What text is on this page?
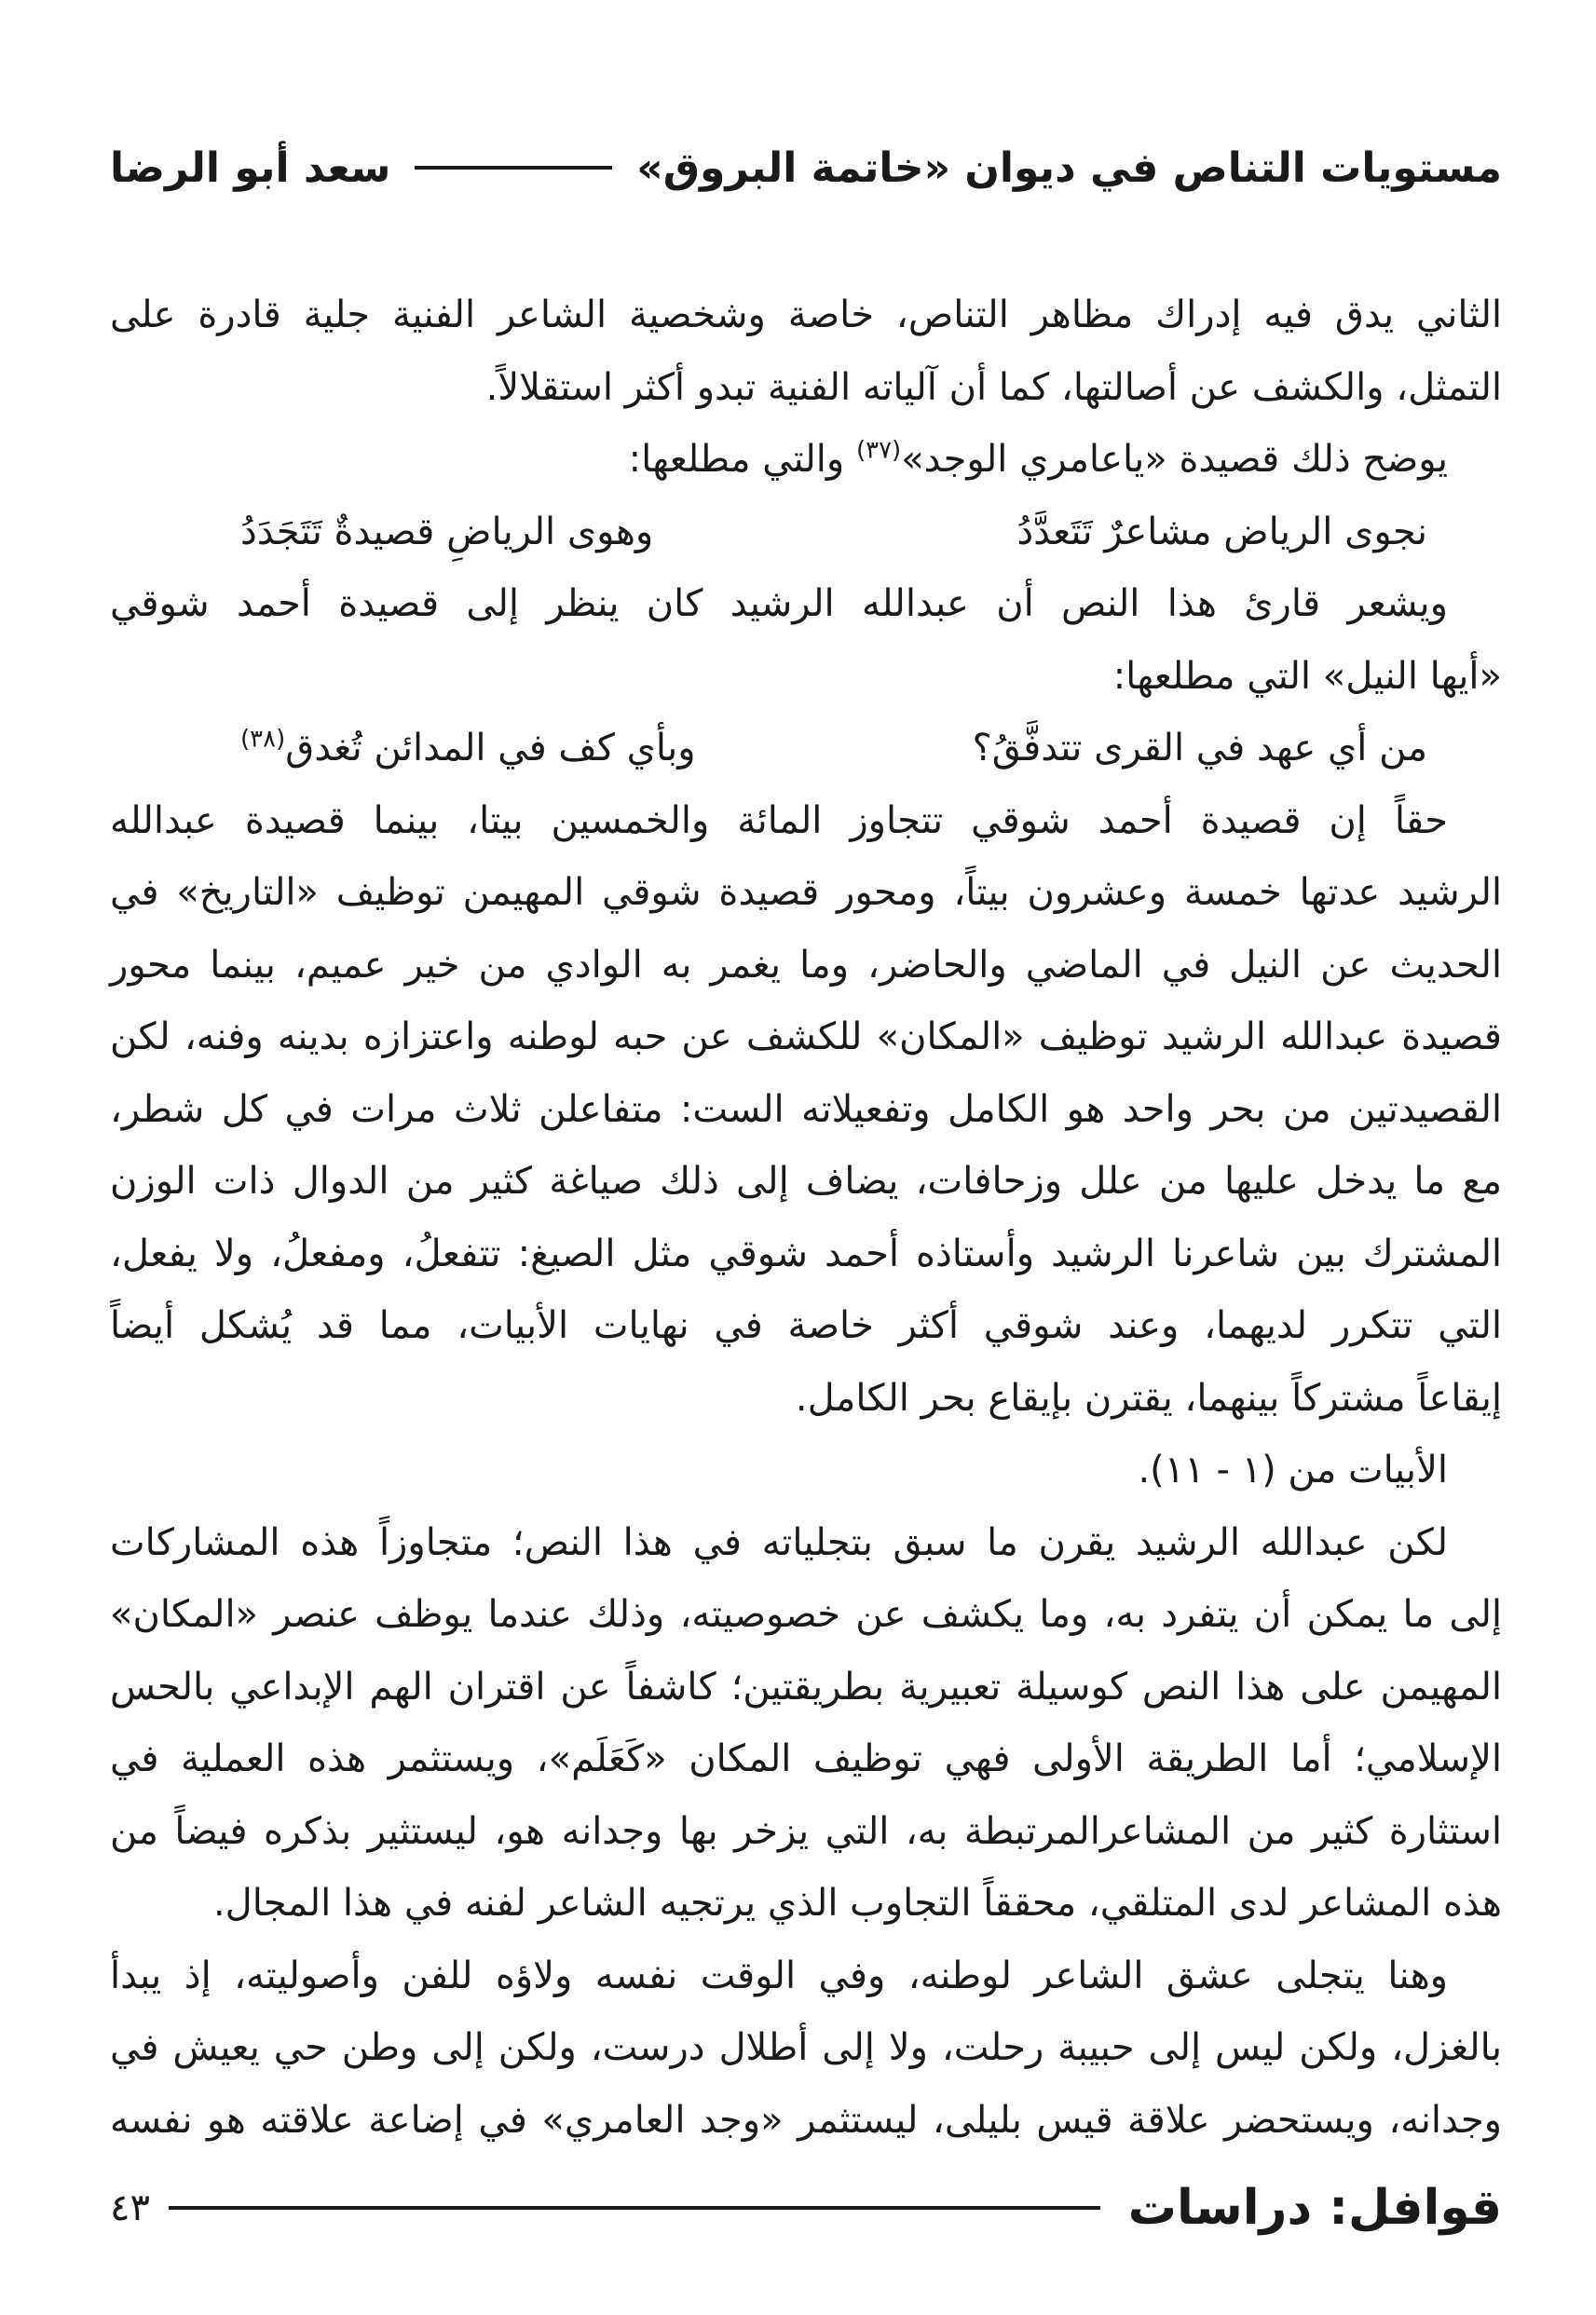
مستويات التناص في ديوان «خاتمة البروق»
سعد أبو الرضا
الثاني يدق فيه إدراك مظاهر التناص، خاصة وشخصية الشاعر الفنية جلية قادرة على
التمثل، والكشف عن أصالتها، كما أن آلياته الفنية تبدو أكثر استقلالاً.
يوضح ذلك قصيدة «ياعامري الوجد»$^{(٣٧)}$ والتي مطلعها:
نجوى الرياض مشاعرٌ تَتَعدَّدُ
وهوى الرياضِ قصيدةٌ تَتَجَدَدُ
ويشعر قارئ هذا النص أن عبدالله الرشيد كان ينظر إلى قصيدة أحمد شوقي
«أيها النيل» التي مطلعها:
من أي عهد في القرى تتدفَّقُ؟
وبأي كف في المدائن تُغدق$^{(٣٨)}$
حقاً إن قصيدة أحمد شوقي تتجاوز المائة والخمسين بيتا، بينما قصيدة عبدالله
الرشيد عدتها خمسة وعشرون بيتاً، ومحور قصيدة شوقي المهيمن توظيف «التاريخ» في
الحديث عن النيل في الماضي والحاضر، وما يغمر به الوادي من خير عميم، بينما محور
قصيدة عبدالله الرشيد توظيف «المكان» للكشف عن حبه لوطنه واعتزازه بدينه وفنه، لكن
القصيدتين من بحر واحد هو الكامل وتفعيلاته الست: متفاعلن ثلاث مرات في كل شطر،
مع ما يدخل عليها من علل وزحافات، يضاف إلى ذلك صياغة كثير من الدوال ذات الوزن
المشترك بين شاعرنا الرشيد وأستاذه أحمد شوقي مثل الصيغ: تتفعلُ، ومفعلُ، ولا يفعل،
التي تتكرر لديهما، وعند شوقي أكثر خاصة في نهايات الأبيات، مما قد يُشكل أيضاً
إيقاعاً مشتركاً بينهما، يقترن بإيقاع بحر الكامل.
الأبيات من (١ - ١١).
لكن عبدالله الرشيد يقرن ما سبق بتجلياته في هذا النص؛ متجاوزاً هذه المشاركات
إلى ما يمكن أن يتفرد به، وما يكشف عن خصوصيته، وذلك عندما يوظف عنصر «المكان»
المهيمن على هذا النص كوسيلة تعبيرية بطريقتين؛ كاشفاً عن اقتران الهم الإبداعي بالحس
الإسلامي؛ أما الطريقة الأولى فهي توظيف المكان «كَعَلَم»، ويستثمر هذه العملية في
استثارة كثير من المشاعرالمرتبطة به، التي يزخر بها وجدانه هو، ليستثير بذكره فيضاً من
هذه المشاعر لدى المتلقي، محققاً التجاوب الذي يرتجيه الشاعر لفنه في هذا المجال.
وهنا يتجلى عشق الشاعر لوطنه، وفي الوقت نفسه ولاؤه للفن وأصوليته، إذ يبدأ
بالغزل، ولكن ليس إلى حبيبة رحلت، ولا إلى أطلال درست، ولكن إلى وطن حي يعيش في
وجدانه، ويستحضر علاقة قيس بليلى، ليستثمر «وجد العامري» في إضاعة علاقته هو نفسه
قوافل: دراسات
٤٣
